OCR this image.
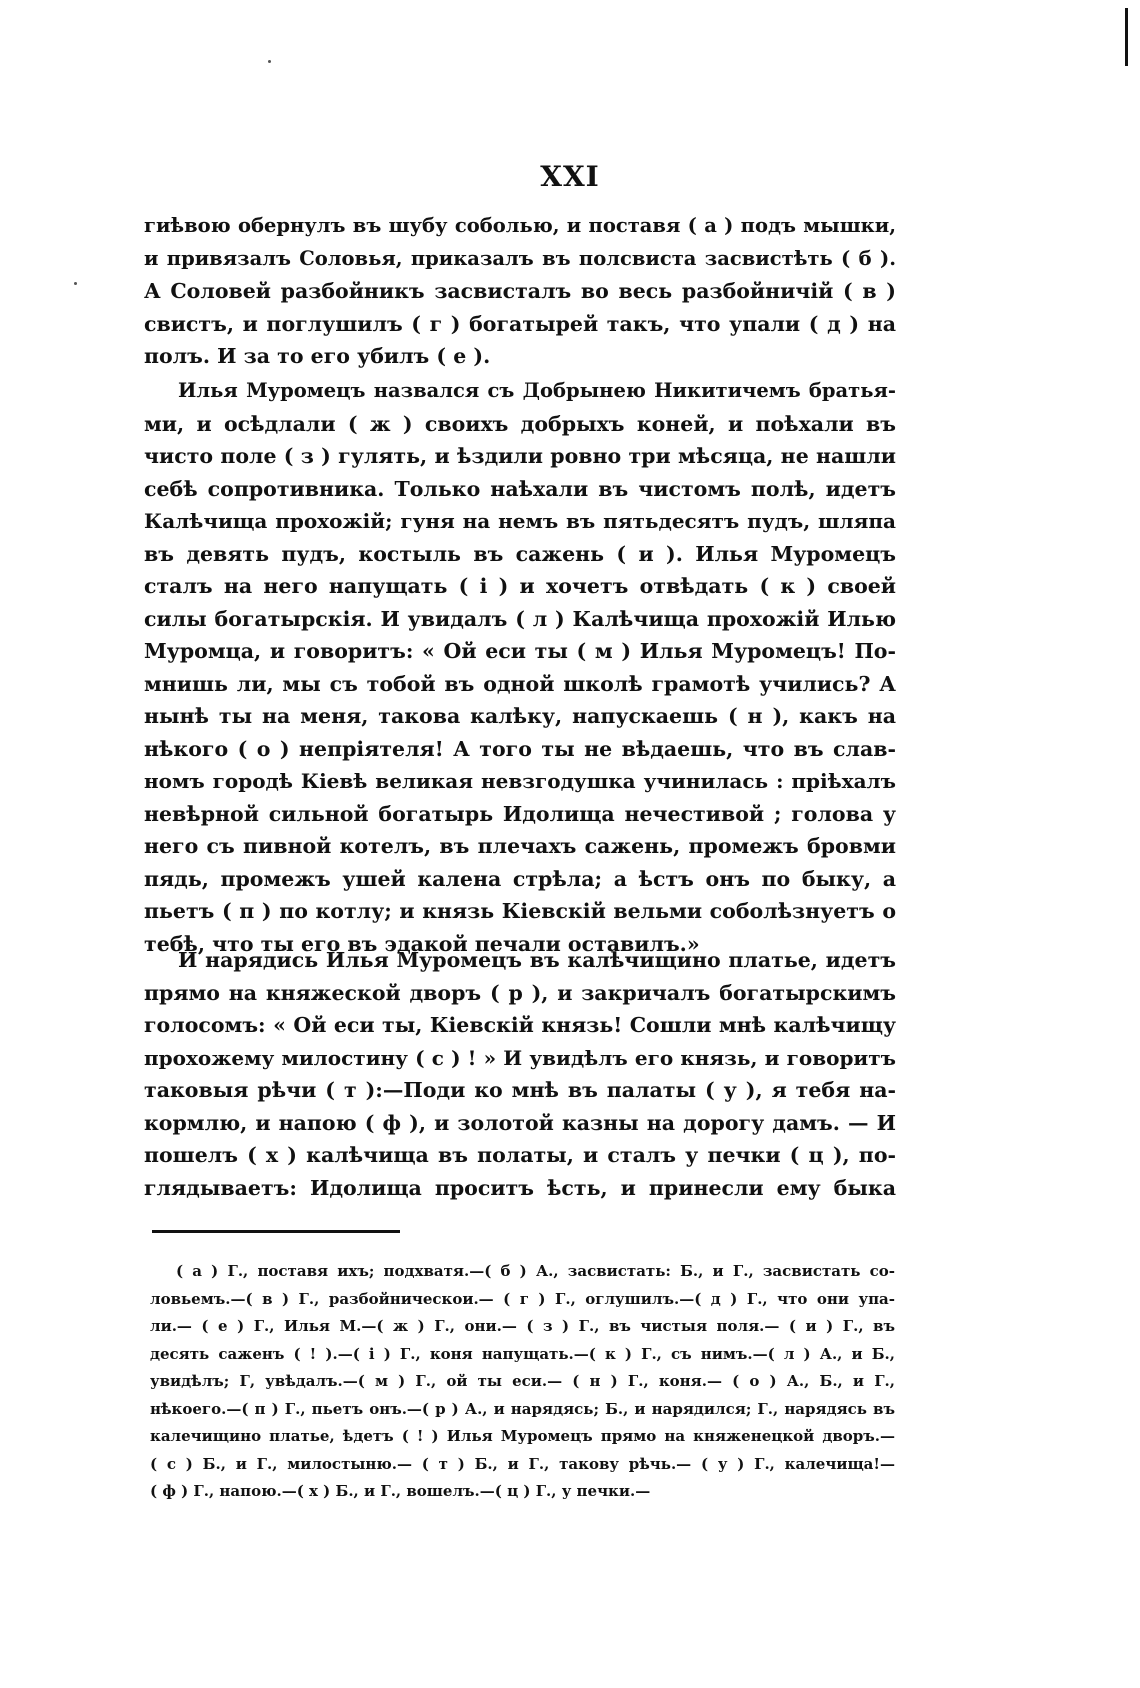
XXI
гиѣвою обернулъ въ шубу соболью, и поставя ( а ) подъ мышки,
и привязалъ Соловья, приказалъ въ полсвиста засвистѣть ( б ).
А Соловей разбойникъ засвисталъ во весь разбойничій ( в )
свистъ, и поглушилъ ( г ) богатырей такъ, что упали ( д ) на
полъ. И за то его убилъ ( е ).
Илья Муромецъ назвался съ Добрынею Никитичемъ братья-
ми, и осѣдлали ( ж ) своихъ добрыхъ коней, и поѣхали въ
чисто поле ( з ) гулять, и ѣздили ровно три мѣсяца, не нашли
себѣ сопротивника. Только наѣхали въ чистомъ полѣ, идетъ
Калѣчища прохожій; гуня на немъ въ пятьдесятъ пудъ, шляпа
въ девять пудъ, костыль въ сажень ( и ). Илья Муромецъ
сталъ на него напущать ( і ) и хочетъ отвѣдать ( к ) своей
силы богатырскія. И увидалъ ( л ) Калѣчища прохожій Илью
Муромца, и говоритъ: « Ой еси ты ( м ) Илья Муромецъ! По-
мнишь ли, мы съ тобой въ одной школѣ грамотѣ учились? А
нынѣ ты на меня, такова калѣку, напускаешь ( н ), какъ на
нѣкого ( о ) непріятеля! А того ты не вѣдаешь, что въ слав-
номъ городѣ Кіевѣ великая невзгодушка учинилась : пріѣхалъ
невѣрной сильной богатырь Идолища нечестивой ; голова у
него съ пивной котелъ, въ плечахъ сажень, промежъ бровми
пядь, промежъ ушей калена стрѣла; а ѣстъ онъ по быку, а
пьетъ ( п ) по котлу; и князь Кіевскій вельми соболѣзнуетъ о
тебѣ, что ты его въ эдакой печали оставилъ.»
И нарядись Илья Муромецъ въ калѣчищино платье, идетъ
прямо на княжеской дворъ ( р ), и закричалъ богатырскимъ
голосомъ: « Ой еси ты, Кіевскій князь! Сошли мнѣ калѣчищу
прохожему милостину ( с ) ! » И увидѣлъ его князь, и говоритъ
таковыя рѣчи ( т ):—Поди ко мнѣ въ палаты ( у ), я тебя на-
кормлю, и напою ( ф ), и золотой казны на дорогу дамъ. — И
пошелъ ( х ) калѣчища въ полаты, и сталъ у печки ( ц ), по-
глядываетъ: Идолища проситъ ѣсть, и принесли ему быка
( а ) Г., поставя ихъ; подхватя.—( б ) А., засвистать: Б., и Г., засвистать со-
ловьемъ.—( в ) Г., разбойническои.— ( г ) Г., оглушилъ.—( д ) Г., что они упа-
ли.— ( е ) Г., Илья М.—( ж ) Г., они.— ( з ) Г., въ чистыя поля.— ( и ) Г., въ
десять саженъ ( ! ).—( і ) Г., коня напущать.—( к ) Г., съ нимъ.—( л ) А., и Б.,
увидѣлъ; Г, увѣдалъ.—( м ) Г., ой ты еси.— ( н ) Г., коня.— ( о ) А., Б., и Г.,
нѣкоего.—( п ) Г., пьетъ онъ.—( р ) А., и нарядясь; Б., и нарядился; Г., нарядясь въ
калечищино платье, ѣдетъ ( ! ) Илья Муромецъ прямо на княженецкой дворъ.—
( с ) Б., и Г., милостыню.— ( т ) Б., и Г., такову рѣчь.— ( у ) Г., калечища!—
( ф ) Г., напою.—( х ) Б., и Г., вошелъ.—( ц ) Г., у печки.—
